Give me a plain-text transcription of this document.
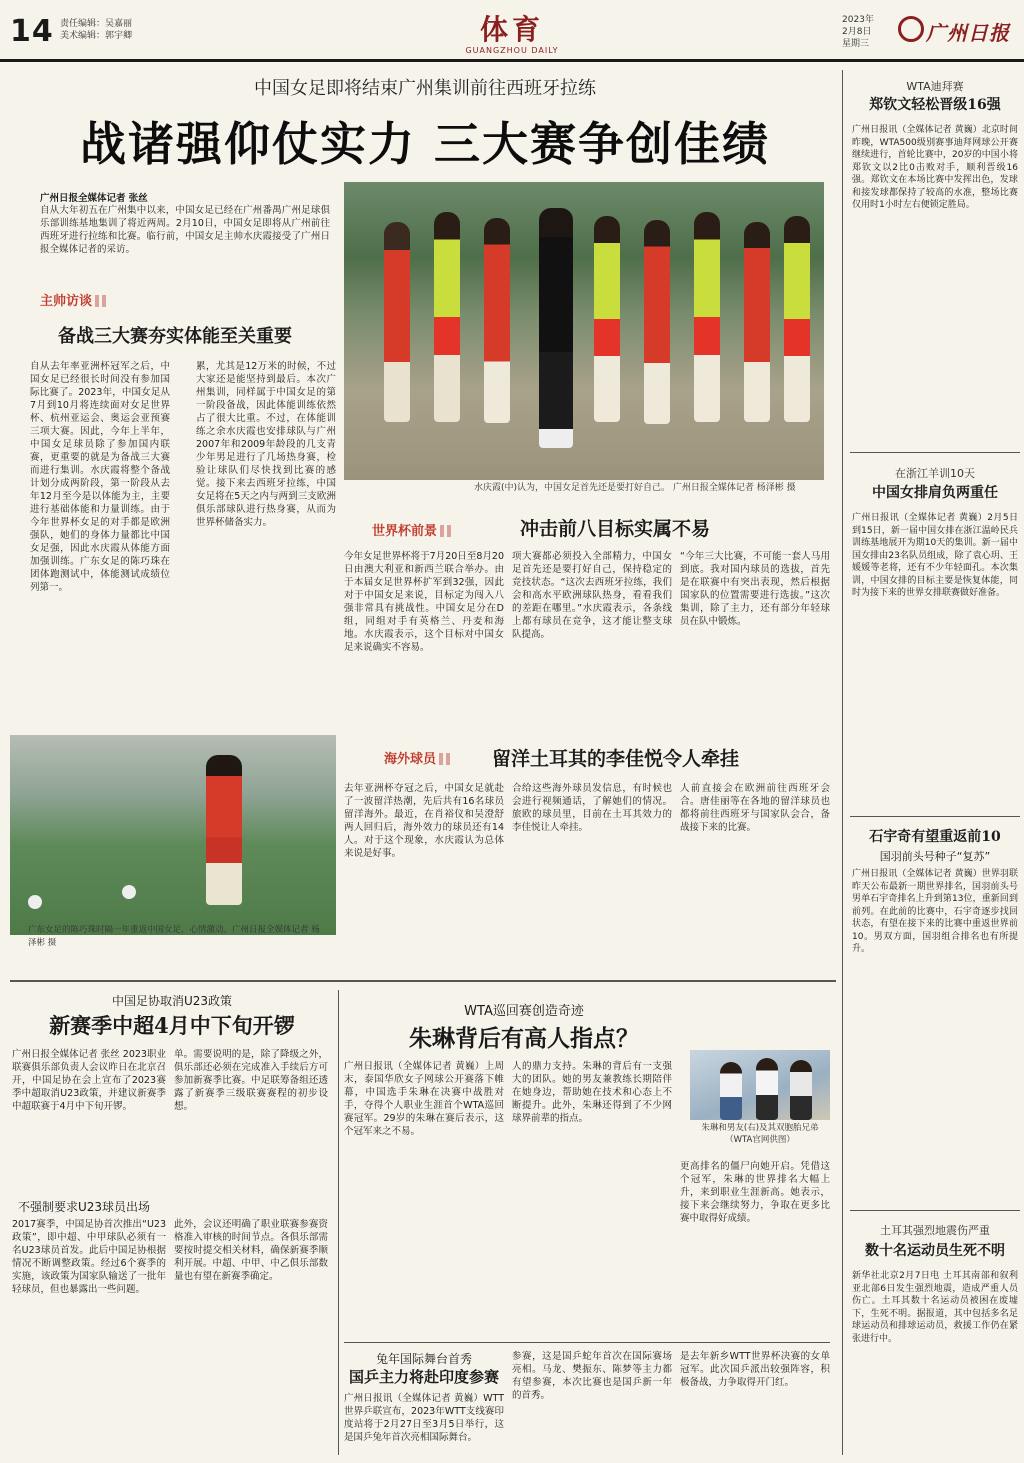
14 责任编辑：吴嘉丽
美术编辑：郭宇卿	体育
GUANGZHOU DAILY
2023年
2月8日
星期三	广州日报
中国女足即将结束广州集训前往西班牙拉练
战诸强仰仗实力 三大赛争创佳绩
广州日报全媒体记者 张丝
自从大年初五在广州集中以来，中国女足已经在广州番禺广州足球俱乐部训练基地集训了将近两周。2月10日，中国女足即将从广州前往西班牙进行拉练和比赛。临行前，中国女足主帅水庆霞接受了广州日报全媒体记者的采访。
主帅访谈
备战三大赛夯实体能至关重要
自从去年率亚洲杯冠军之后，中国女足已经很长时间没有参加国际比赛了。2023年，中国女足从7月到10月将连续面对女足世界杯、杭州亚运会、奥运会亚预赛三项大赛。因此，今年上半年，中国女足球员除了参加国内联赛，更重要的就是为备战三大赛而进行集训。水庆霞将整个备战计划分成两阶段，第一阶段从去年12月至今是以体能为主，主要进行基础体能和力量训练。由于今年世界杯女足的对手都是欧洲强队，她们的身体力量都比中国女足强，因此水庆霞从体能方面加强训练。广东女足的陈巧珠在团体跑测试中，体能测试成绩位列第一。
累，尤其是12万米的时候，不过大家还是能坚持到最后。本次广州集训，同样属于中国女足的第一阶段备战，因此体能训练依然占了很大比重。不过，在体能训练之余水庆霞也安排球队与广州2007年和2009年龄段的几支青少年男足进行了几场热身赛，检验让球队们尽快找到比赛的感觉。接下来去西班牙拉练，中国女足将在5天之内与两到三支欧洲俱乐部球队进行热身赛，从而为世界杯储备实力。
水庆霞(中)认为，中国女足首先还是要打好自己。 广州日报全媒体记者 杨泽彬 摄
世界杯前景	冲击前八目标实属不易
今年女足世界杯将于7月20日至8月20日由澳大利亚和新西兰联合举办。由于本届女足世界杯扩军到32强，因此对于中国女足来说，目标定为闯入八强非常具有挑战性。中国女足分在D组，同组对手有英格兰、丹麦和海地。水庆霞表示，这个目标对中国女足来说确实不容易。
项大赛都必须投入全部精力，中国女足首先还是要打好自己，保持稳定的竞技状态。“这次去西班牙拉练，我们会和高水平欧洲球队热身，看看我们的差距在哪里。”水庆霞表示，各条线上都有球员在竞争，这才能让整支球队提高。
“今年三大比赛，不可能一套人马用到底。我对国内球员的选拔，首先是在联赛中有突出表现，然后根据国家队的位置需要进行选拔。”这次集训，除了主力，还有部分年轻球员在队中锻炼。
广东女足的陈巧珠时隔一年重返中国女足，心情激动。广州日报全媒体记者 杨泽彬 摄
海外球员	留洋土耳其的李佳悦令人牵挂
去年亚洲杯夺冠之后，中国女足就赴了一波留洋热潮，先后共有16名球员留洋海外。最近，在肖裕仪和吴澄舒两人回归后，海外效力的球员还有14人。对于这个现象，水庆霞认为总体来说是好事。
合给这些海外球员发信息，有时候也会进行视频通话，了解她们的情况。旅欧的球员里，目前在土耳其效力的李佳悦让人牵挂。
人前直接会在欧洲前往西班牙会合。唐佳丽等在各地的留洋球员也都将前往西班牙与国家队会合，备战接下来的比赛。
WTA迪拜赛
郑钦文轻松晋级16强
广州日报讯（全媒体记者 黄巍）北京时间昨晚，WTA500级别赛事迪拜网球公开赛继续进行，首轮比赛中，20岁的中国小将郑钦文以2比0击败对手，顺利晋级16强。郑钦文在本场比赛中发挥出色，发球和接发球都保持了较高的水准，整场比赛仅用时1小时左右便锁定胜局。
在浙江羊训10天
中国女排肩负两重任
广州日报讯（全媒体记者 黄巍）2月5日到15日，新一届中国女排在浙江温岭民兵训练基地展开为期10天的集训。新一届中国女排由23名队员组成，除了袁心玥、王媛媛等老将，还有不少年轻面孔。本次集训，中国女排的目标主要是恢复体能，同时为接下来的世界女排联赛做好准备。
石宇奇有望重返前10
国羽前头号种子“复苏”
广州日报讯（全媒体记者 黄巍）世界羽联昨天公布最新一期世界排名，国羽前头号男单石宇奇排名上升到第13位，重新回到前列。在此前的比赛中，石宇奇逐步找回状态，有望在接下来的比赛中重返世界前10。男双方面，国羽组合排名也有所提升。
土耳其强烈地震伤严重
数十名运动员生死不明
新华社北京2月7日电 土耳其南部和叙利亚北部6日发生强烈地震，造成严重人员伤亡。土耳其数十名运动员被困在废墟下，生死不明。据报道，其中包括多名足球运动员和排球运动员，救援工作仍在紧张进行中。
中国足协取消U23政策
新赛季中超4月中下旬开锣
广州日报全媒体记者 张丝 2023职业联赛俱乐部负责人会议昨日在北京召开，中国足协在会上宣布了2023赛季中超取消U23政策，并建议新赛季中超联赛于4月中下旬开锣。
单。需要说明的是，除了降级之外，俱乐部还必须在完成准入手续后方可参加新赛季比赛。中足联筹备组还透露了新赛季三级联赛赛程的初步设想。
不强制要求U23球员出场
2017赛季，中国足协首次推出“U23政策”，即中超、中甲球队必须有一名U23球员首发。此后中国足协根据情况不断调整政策。经过6个赛季的实施，该政策为国家队输送了一批年轻球员，但也暴露出一些问题。
此外，会议还明确了职业联赛参赛资格准入审核的时间节点。各俱乐部需要按时提交相关材料，确保新赛季顺利开展。中超、中甲、中乙俱乐部数量也有望在新赛季确定。
WTA巡回赛创造奇迹
朱琳背后有高人指点？
广州日报讯（全媒体记者 黄巍）上周末，泰国华欣女子网球公开赛落下帷幕，中国选手朱琳在决赛中战胜对手，夺得个人职业生涯首个WTA巡回赛冠军。29岁的朱琳在赛后表示，这个冠军来之不易。
人的鼎力支持。朱琳的背后有一支强大的团队。她的男友兼教练长期陪伴在她身边，帮助她在技术和心态上不断提升。此外，朱琳还得到了不少网球界前辈的指点。
朱琳和男友(右)及其双胞胎兄弟（WTA官网供图）
更高排名的僵尸向她开启。凭借这个冠军，朱琳的世界排名大幅上升，来到职业生涯新高。她表示，接下来会继续努力，争取在更多比赛中取得好成绩。
兔年国际舞台首秀
国乒主力将赴印度参赛
广州日报讯（全媒体记者 黄巍）WTT世界乒联宣布，2023年WTT支线赛印度站将于2月27日至3月5日举行，这是国乒兔年首次亮相国际舞台。
参赛，这是国乒蛇年首次在国际赛场亮相。马龙、樊振东、陈梦等主力都有望参赛，本次比赛也是国乒新一年的首秀。
是去年新乡WTT世界杯决赛的女单冠军。此次国乒派出较强阵容，积极备战，力争取得开门红。
